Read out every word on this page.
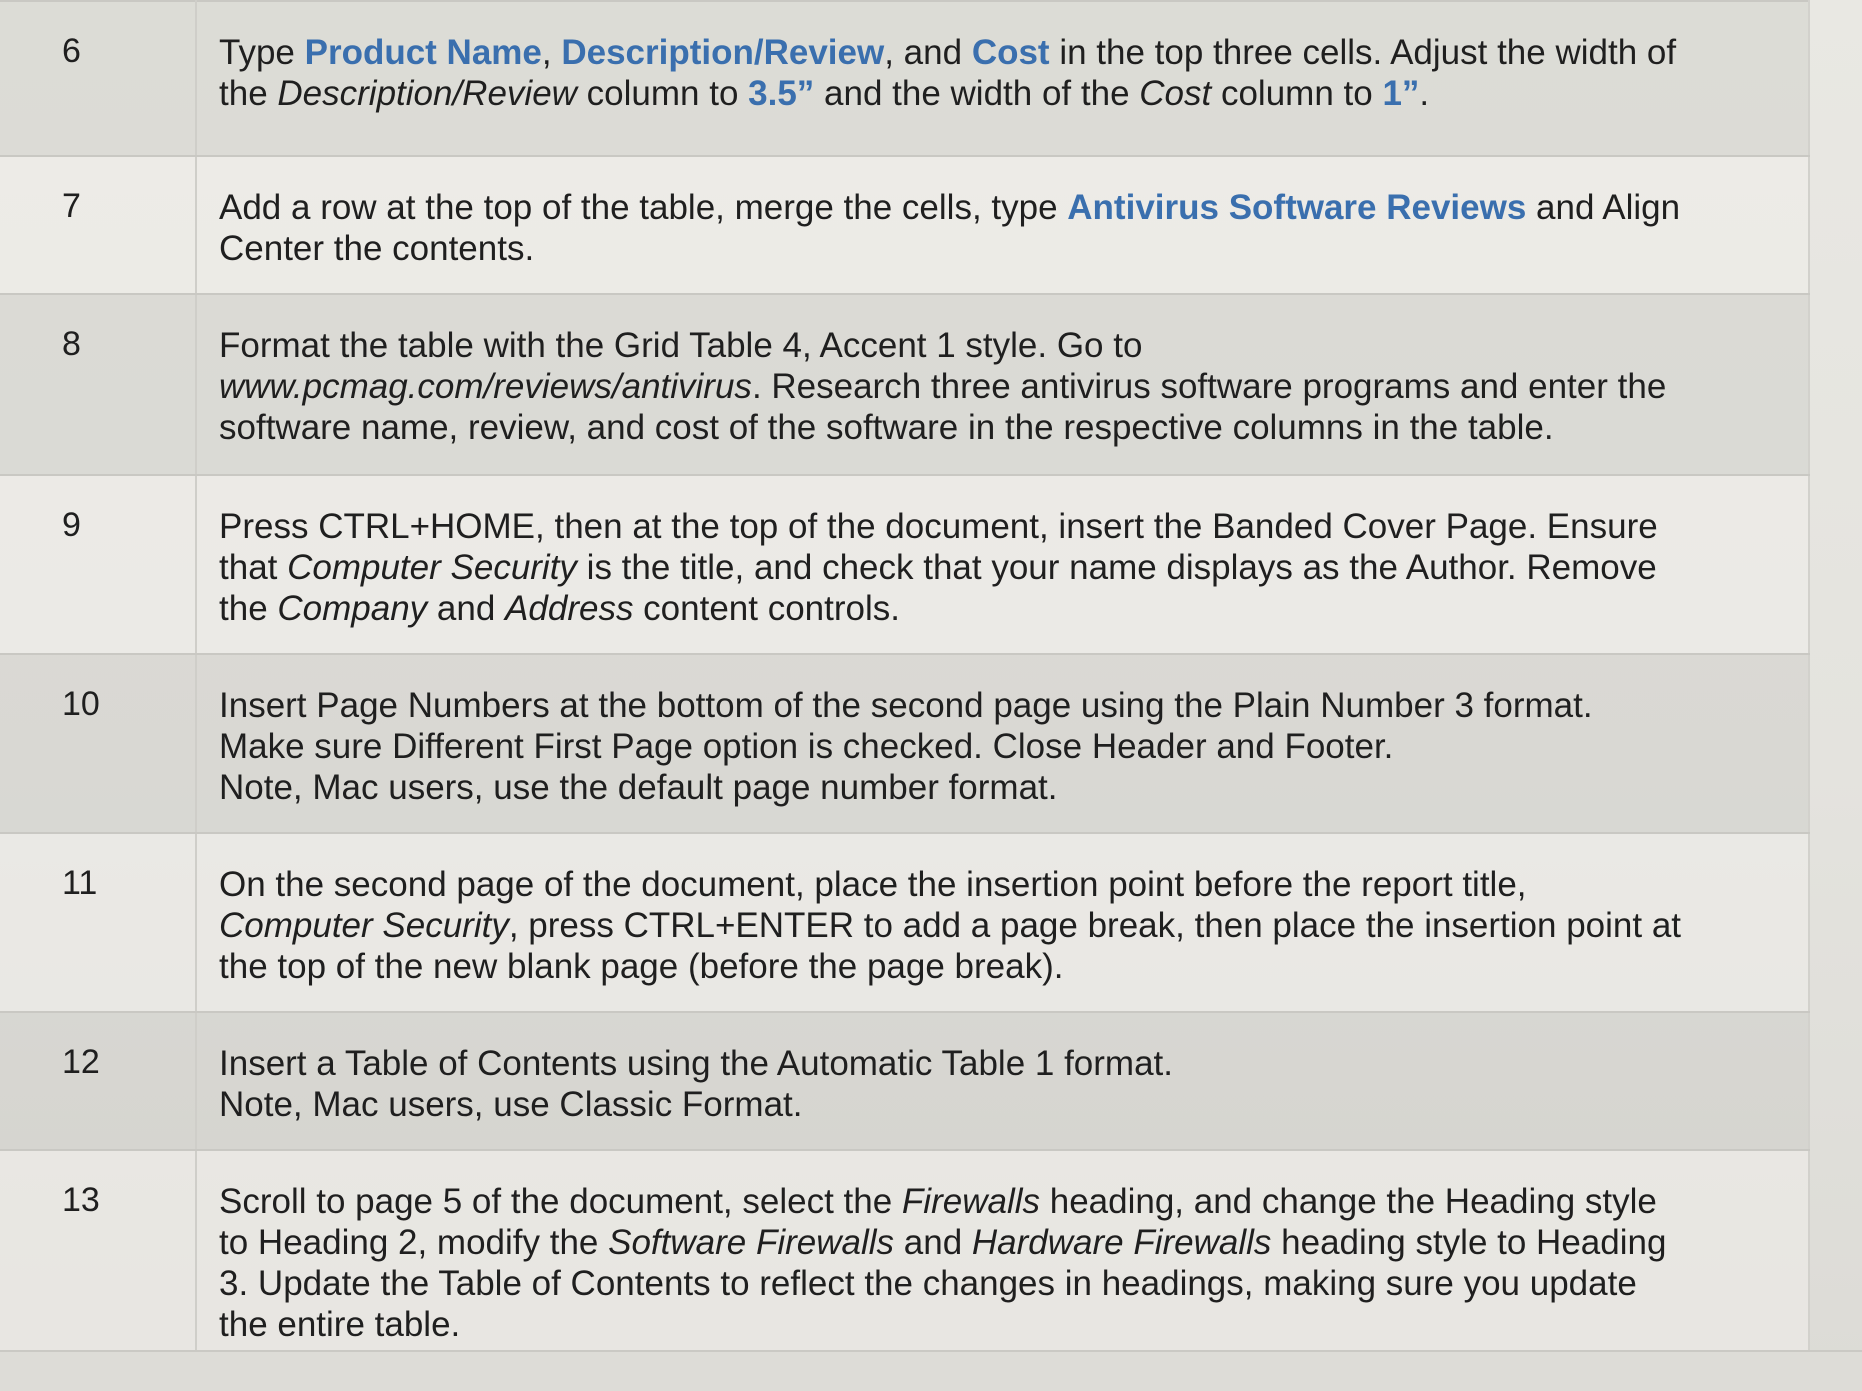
6	Type Product Name, Description/Review, and Cost in the top three cells. Adjust the width of
the Description/Review column to 3.5” and the width of the Cost column to 1”.

7	Add a row at the top of the table, merge the cells, type Antivirus Software Reviews and Align
Center the contents.

8	Format the table with the Grid Table 4, Accent 1 style. Go to
www.pcmag.com/reviews/antivirus. Research three antivirus software programs and enter the
software name, review, and cost of the software in the respective columns in the table.

9	Press CTRL+HOME, then at the top of the document, insert the Banded Cover Page. Ensure
that Computer Security is the title, and check that your name displays as the Author. Remove
the Company and Address content controls.

10	Insert Page Numbers at the bottom of the second page using the Plain Number 3 format.
Make sure Different First Page option is checked. Close Header and Footer.
Note, Mac users, use the default page number format.

11	On the second page of the document, place the insertion point before the report title,
Computer Security, press CTRL+ENTER to add a page break, then place the insertion point at
the top of the new blank page (before the page break).

12	Insert a Table of Contents using the Automatic Table 1 format.
Note, Mac users, use Classic Format.

13	Scroll to page 5 of the document, select the Firewalls heading, and change the Heading style
to Heading 2, modify the Software Firewalls and Hardware Firewalls heading style to Heading
3. Update the Table of Contents to reflect the changes in headings, making sure you update
the entire table.
